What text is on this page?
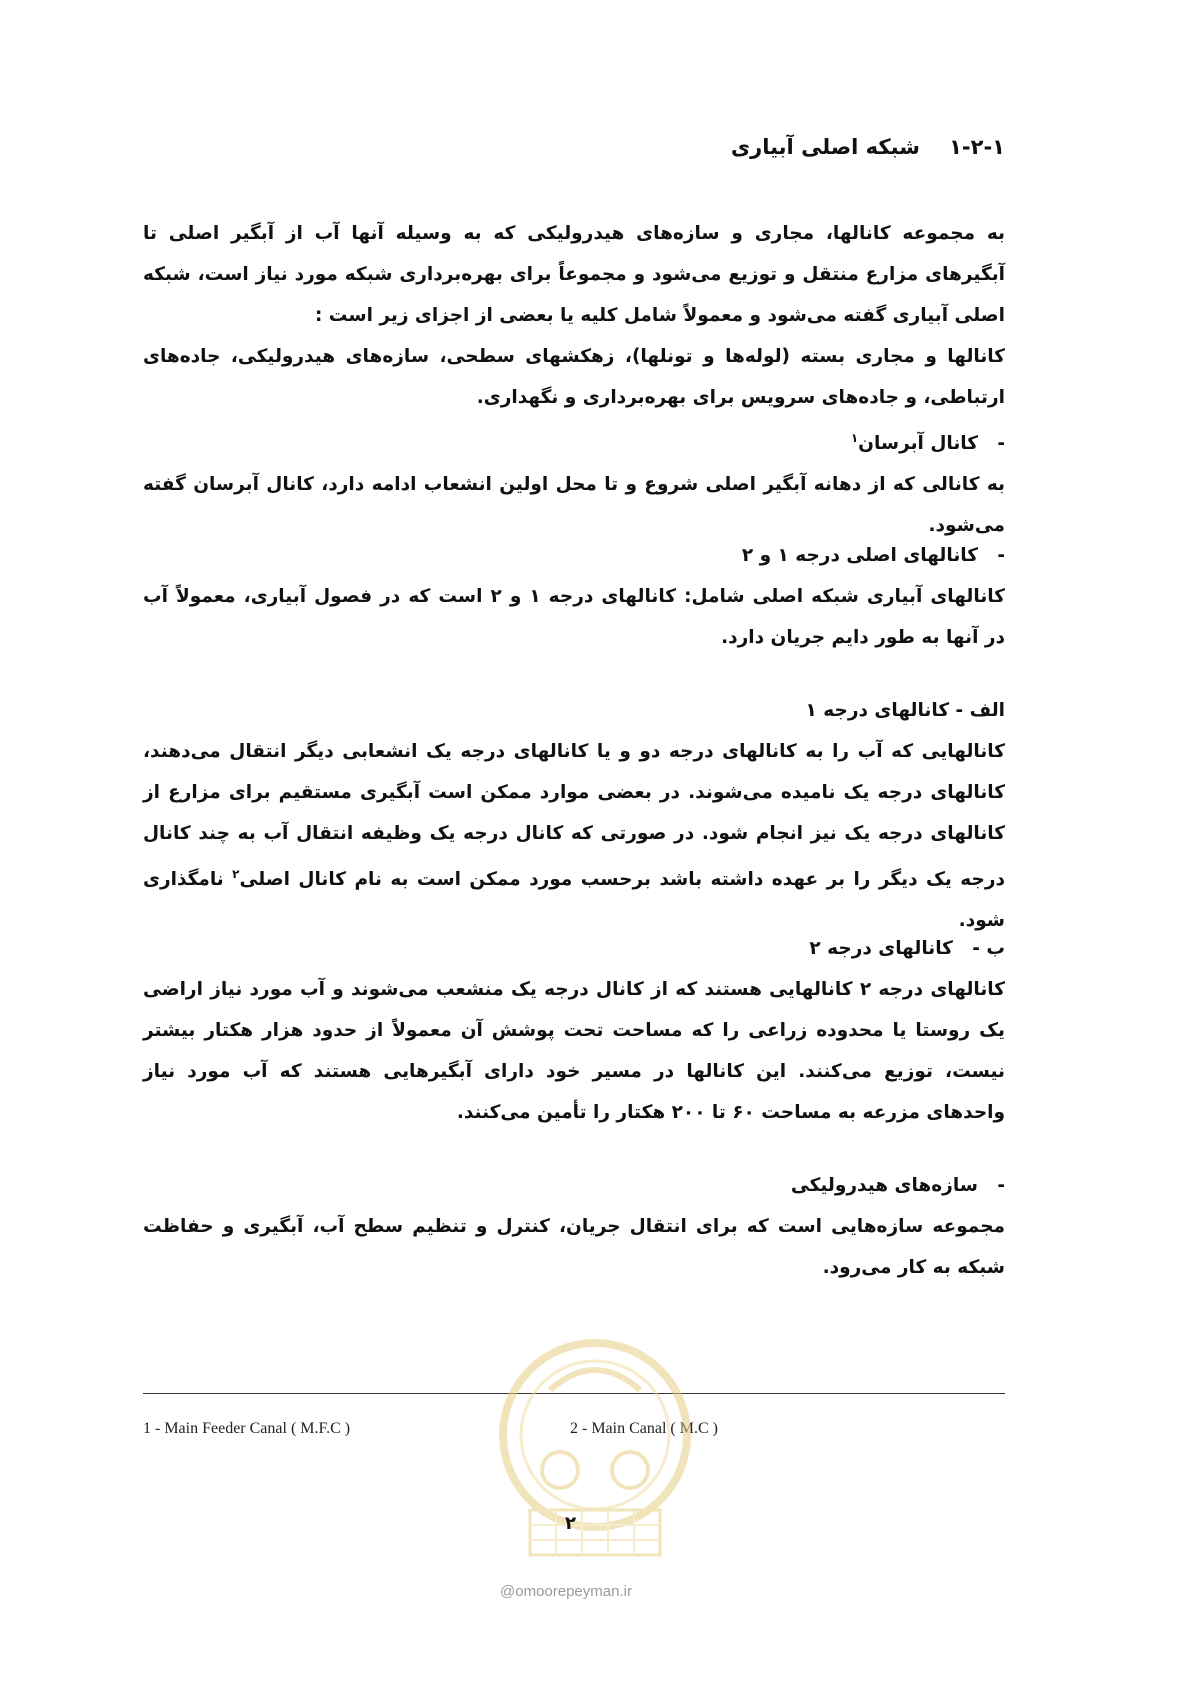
۱-۲-۱    شبکه اصلی آبیاری

به مجموعه کانالها، مجاری و سازه‌های هیدرولیکی که به وسیله آنها آب از آبگیر اصلی تا آبگیرهای مزارع منتقل و توزیع می‌شود و مجموعاً برای بهره‌برداری شبکه مورد نیاز است، شبکه اصلی آبیاری گفته می‌شود و معمولاً شامل کلیه یا بعضی از اجزای زیر است :

کانالها و مجاری بسته (لوله‌ها و تونلها)، زهکشهای سطحی، سازه‌های هیدرولیکی، جاده‌های ارتباطی، و جاده‌های سرویس برای بهره‌برداری و نگهداری.

-   کانال آبرسان$^۱$

به کانالی که از دهانه آبگیر اصلی شروع و تا محل اولین انشعاب ادامه دارد، کانال آبرسان گفته می‌شود.

-   کانالهای اصلی درجه ۱ و ۲

کانالهای آبیاری شبکه اصلی شامل: کانالهای درجه ۱ و ۲ است که در فصول آبیاری، معمولاً آب در آنها به طور دایم جریان دارد.

الف - کانالهای درجه ۱

کانالهایی که آب را به کانالهای درجه دو و یا کانالهای درجه یک انشعابی دیگر انتقال می‌دهند، کانالهای درجه یک نامیده می‌شوند. در بعضی موارد ممکن است آبگیری مستقیم برای مزارع از کانالهای درجه یک نیز انجام شود. در صورتی که کانال درجه یک وظیفه انتقال آب به چند کانال درجه یک دیگر را بر عهده داشته باشد برحسب مورد ممکن است به نام کانال اصلی$^۲$ نامگذاری شود.

ب -   کانالهای درجه ۲

کانالهای درجه ۲ کانالهایی هستند که از کانال درجه یک منشعب می‌شوند و آب مورد نیاز اراضی یک روستا یا محدوده زراعی را که مساحت تحت پوشش آن معمولاً از حدود هزار هکتار بیشتر نیست، توزیع می‌کنند. این کانالها در مسیر خود دارای آبگیرهایی هستند که آب مورد نیاز واحدهای مزرعه به مساحت ۶۰ تا ۲۰۰ هکتار را تأمین می‌کنند.

-   سازه‌های هیدرولیکی

مجموعه سازه‌هایی است که برای انتقال جریان، کنترل و تنظیم سطح آب، آبگیری و حفاظت شبکه به کار می‌رود.

1 - Main Feeder Canal ( M.F.C )	2 - Main Canal ( M.C )
۲
@omoorepeyman.ir
